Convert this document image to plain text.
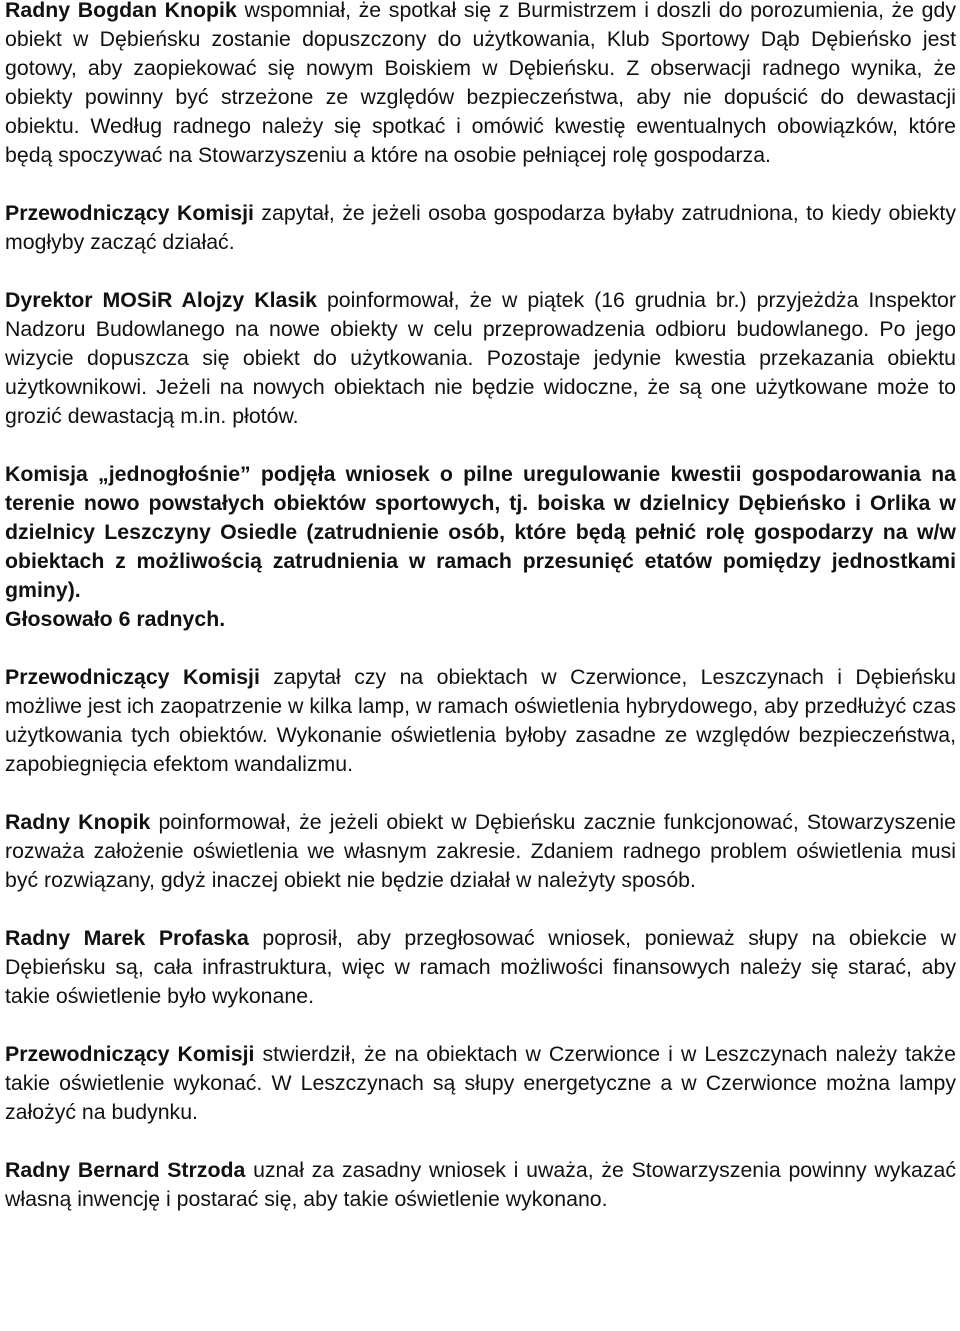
Radny Bogdan Knopik wspomniał, że spotkał się z Burmistrzem i doszli do porozumienia, że gdy obiekt w Dębieńsku zostanie dopuszczony do użytkowania, Klub Sportowy Dąb Dębieńsko jest gotowy, aby zaopiekować się nowym Boiskiem w Dębieńsku. Z obserwacji radnego wynika, że obiekty powinny być strzeżone ze względów bezpieczeństwa, aby nie dopuścić do dewastacji obiektu. Według radnego należy się spotkać i omówić kwestię ewentualnych obowiązków, które będą spoczywać na Stowarzyszeniu a które na osobie pełniącej rolę gospodarza.

Przewodniczący Komisji zapytał, że jeżeli osoba gospodarza byłaby zatrudniona, to kiedy obiekty mogłyby zacząć działać.

Dyrektor MOSiR Alojzy Klasik poinformował, że w piątek (16 grudnia br.) przyjeżdża Inspektor Nadzoru Budowlanego na nowe obiekty w celu przeprowadzenia odbioru budowlanego. Po jego wizycie dopuszcza się obiekt do użytkowania. Pozostaje jedynie kwestia przekazania obiektu użytkownikowi. Jeżeli na nowych obiektach nie będzie widoczne, że są one użytkowane może to grozić dewastacją m.in. płotów.

Komisja „jednogłośnie” podjęła wniosek o pilne uregulowanie kwestii gospodarowania na terenie nowo powstałych obiektów sportowych, tj. boiska w dzielnicy Dębieńsko i Orlika w dzielnicy Leszczyny Osiedle (zatrudnienie osób, które będą pełnić rolę gospodarzy na w/w obiektach z możliwością zatrudnienia w ramach przesunięć etatów pomiędzy jednostkami gminy).
Głosowało 6 radnych.

Przewodniczący Komisji zapytał czy na obiektach w Czerwionce, Leszczynach i Dębieńsku możliwe jest ich zaopatrzenie w kilka lamp, w ramach oświetlenia hybrydowego, aby przedłużyć czas użytkowania tych obiektów. Wykonanie oświetlenia byłoby zasadne ze względów bezpieczeństwa, zapobiegnięcia efektom wandalizmu.

Radny Knopik poinformował, że jeżeli obiekt w Dębieńsku zacznie funkcjonować, Stowarzyszenie rozważa założenie oświetlenia we własnym zakresie. Zdaniem radnego problem oświetlenia musi być rozwiązany, gdyż inaczej obiekt nie będzie działał w należyty sposób.

Radny Marek Profaska poprosił, aby przegłosować wniosek, ponieważ słupy na obiekcie w Dębieńsku są, cała infrastruktura, więc w ramach możliwości finansowych należy się starać, aby takie oświetlenie było wykonane.

Przewodniczący Komisji stwierdził, że na obiektach w Czerwionce i w Leszczynach należy także takie oświetlenie wykonać. W Leszczynach są słupy energetyczne a w Czerwionce można lampy założyć na budynku.

Radny Bernard Strzoda uznał za zasadny wniosek i uważa, że Stowarzyszenia powinny wykazać własną inwencję i postarać się, aby takie oświetlenie wykonano.
